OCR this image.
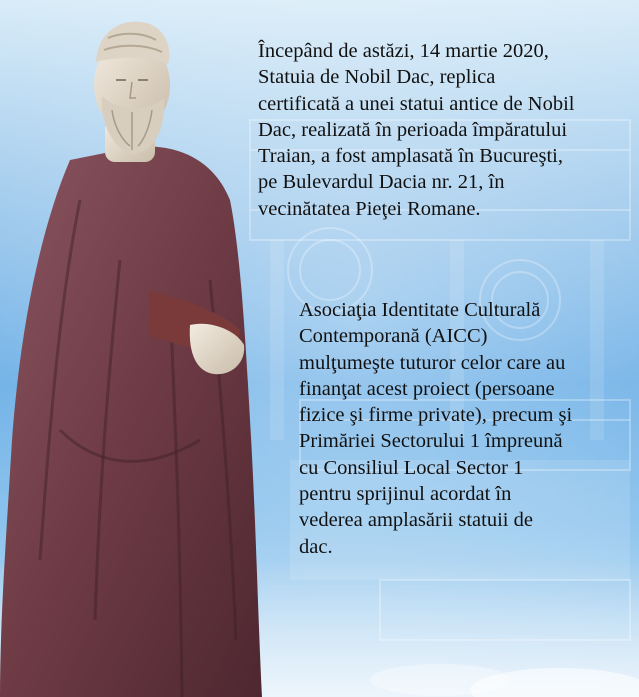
Începând de astăzi, 14 martie 2020,
Statuia de Nobil Dac, replica
certificată a unei statui antice de Nobil
Dac, realizată în perioada împăratului
Traian, a fost amplasată în Bucureşti,
pe Bulevardul Dacia nr. 21, în
vecinătatea Pieţei Romane.

Asociaţia Identitate Culturală
Contemporană (AICC)
mulţumeşte tuturor celor care au
finanţat acest proiect (persoane
fizice şi firme private), precum şi
Primăriei Sectorului 1 împreună
cu Consiliul Local Sector 1
pentru sprijinul acordat în
vederea amplasării statuii de
dac.
